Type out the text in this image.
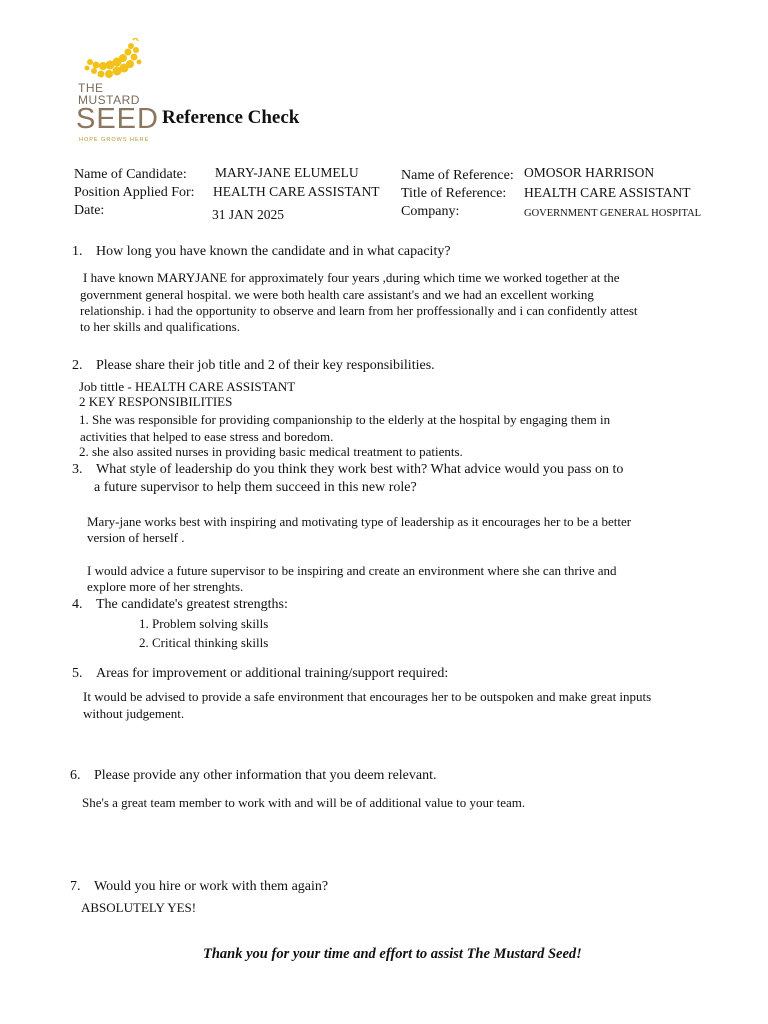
THE
MUSTARD
SEED
HOPE GROWS HERE
Reference Check
Name of Candidate: MARY-JANE ELUMELU
Position Applied For: HEALTH CARE ASSISTANT
Date:	31 JAN 2025
Name of Reference: OMOSOR HARRISON
Title of Reference: HEALTH CARE ASSISTANT
Company:	GOVERNMENT GENERAL HOSPITAL
1. How long you have known the candidate and in what capacity?
I have known MARYJANE for approximately four years ,during which time we worked together at the
government general hospital. we were both health care assistant's and we had an excellent working
relationship. i had the opportunity to observe and learn from her proffessionally and i can confidently attest
to her skills and qualifications.
2. Please share their job title and 2 of their key responsibilities.
Job tittle - HEALTH CARE ASSISTANT
2 KEY RESPONSIBILITIES
1. She was responsible for providing companionship to the elderly at the hospital by engaging them in
activities that helped to ease stress and boredom.
2. she also assited nurses in providing basic medical treatment to patients.
3. What style of leadership do you think they work best with? What advice would you pass on to
a future supervisor to help them succeed in this new role?
Mary-jane works best with inspiring and motivating type of leadership as it encourages her to be a better
version of herself .
I would advice a future supervisor to be inspiring and create an environment where she can thrive and
explore more of her strenghts.
4. The candidate's greatest strengths:
1. Problem solving skills
2. Critical thinking skills
5. Areas for improvement or additional training/support required:
It would be advised to provide a safe environment that encourages her to be outspoken and make great inputs
without judgement.
6. Please provide any other information that you deem relevant.
She's a great team member to work with and will be of additional value to your team.
7. Would you hire or work with them again?
ABSOLUTELY YES!
Thank you for your time and effort to assist The Mustard Seed!
